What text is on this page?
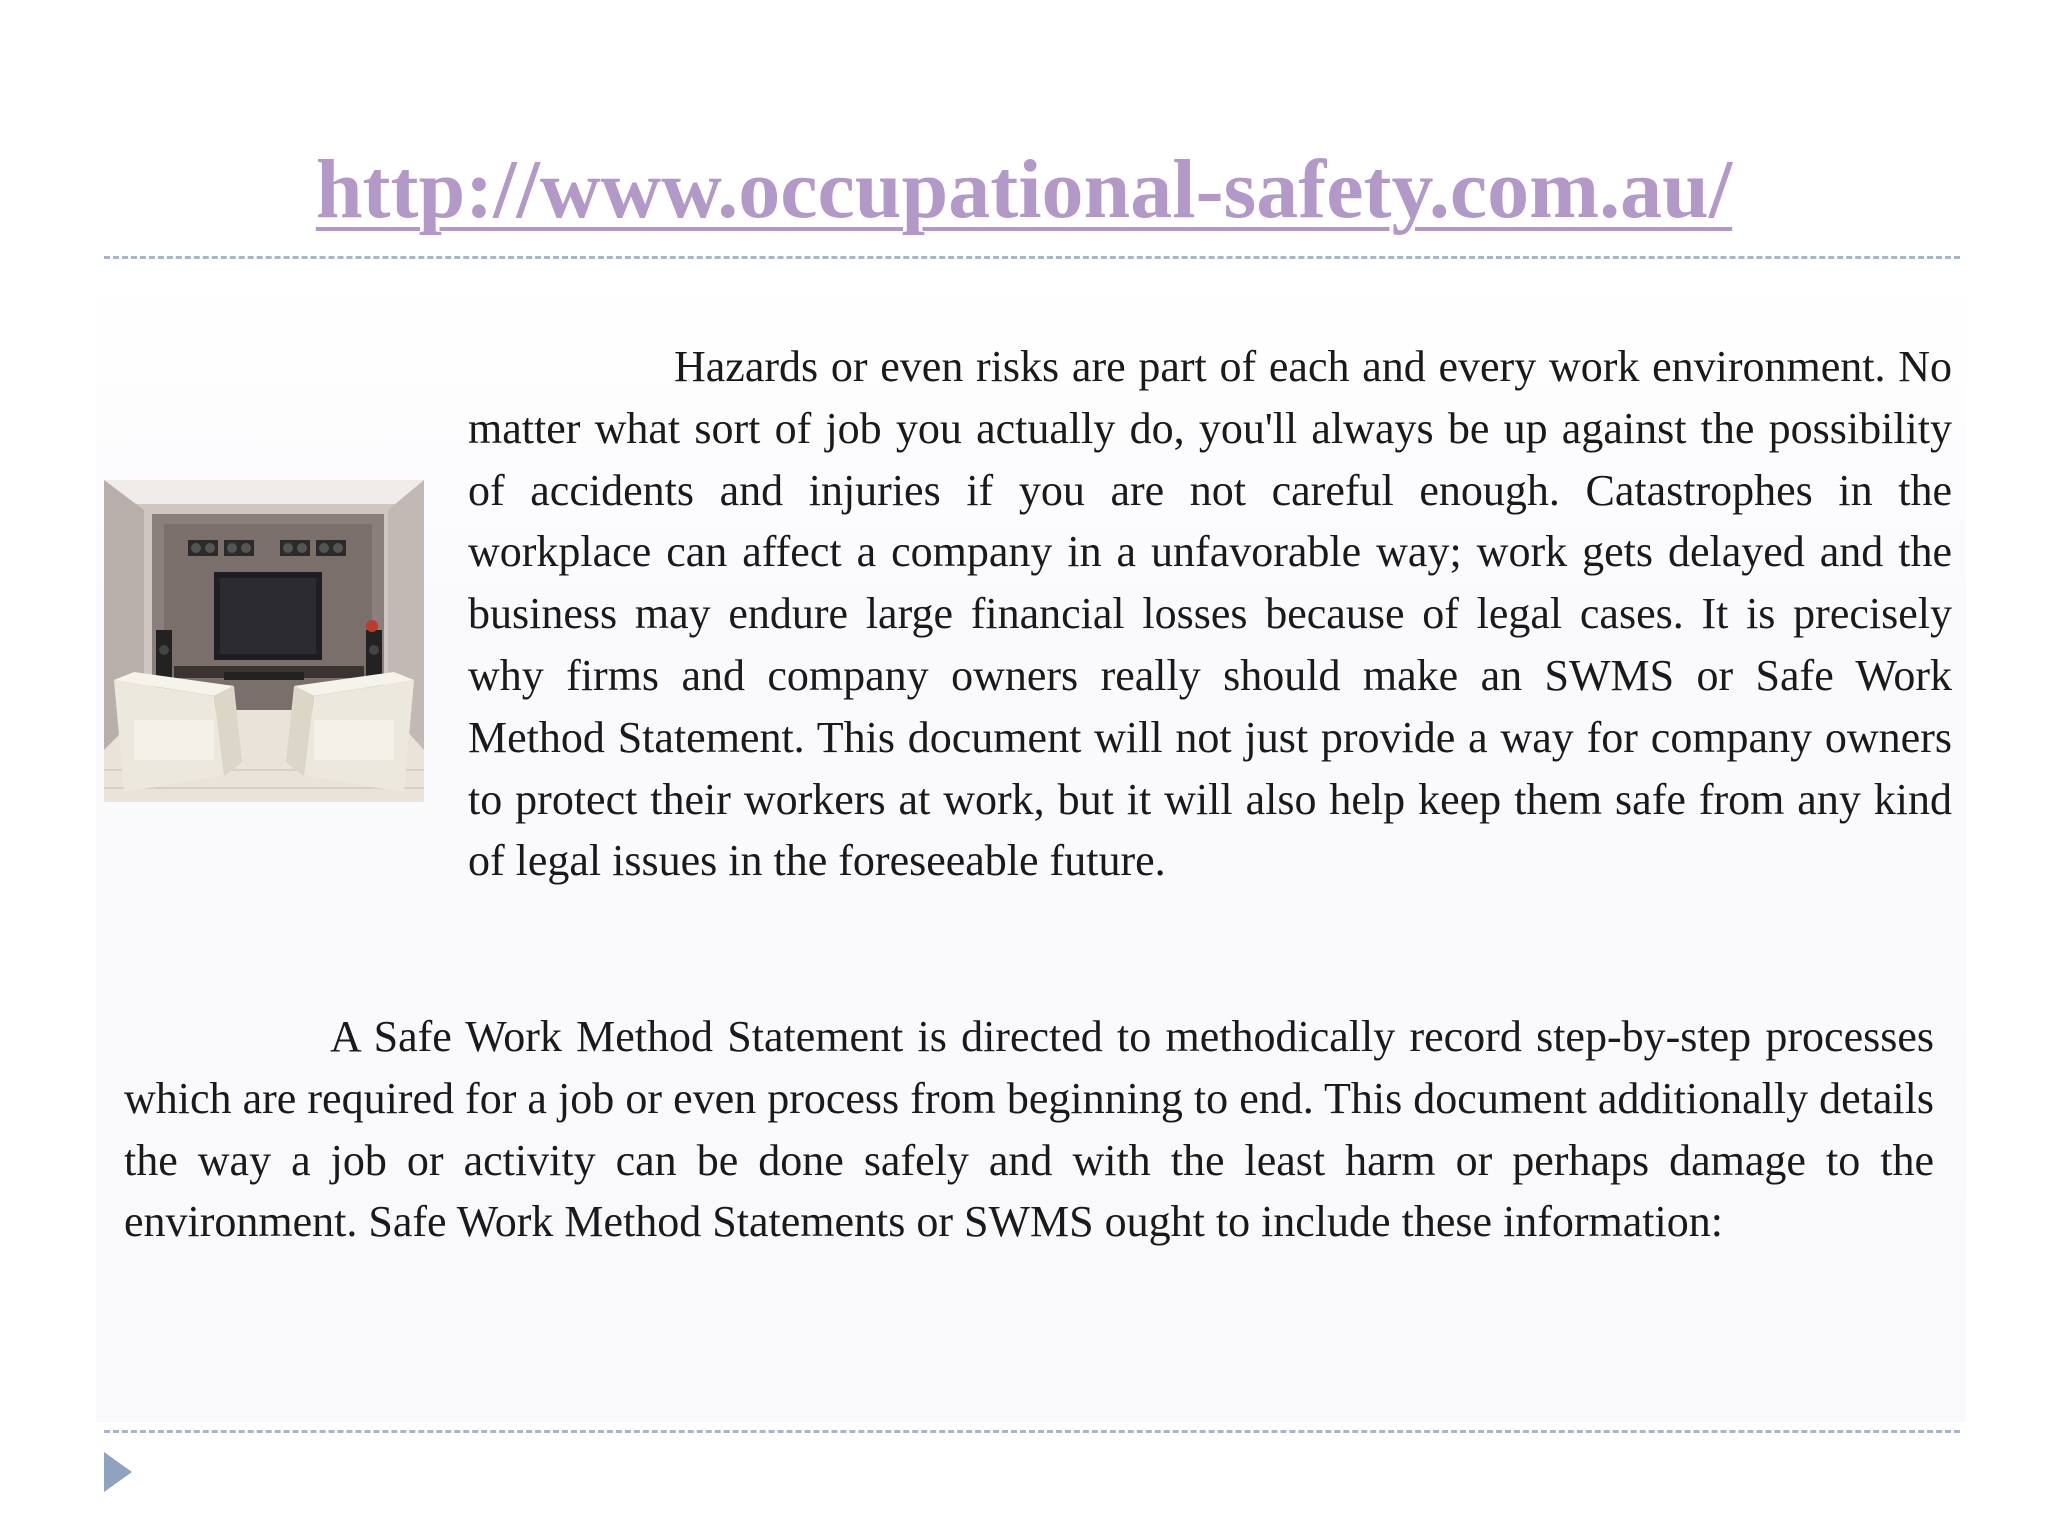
http://www.occupational-safety.com.au/

Hazards or even risks are part of each and every work environment. No matter what sort of job you actually do, you'll always be up against the possibility of accidents and injuries if you are not careful enough. Catastrophes in the workplace can affect a company in a unfavorable way; work gets delayed and the business may endure large financial losses because of legal cases. It is precisely why firms and company owners really should make an SWMS or Safe Work Method Statement. This document will not just provide a way for company owners to protect their workers at work, but it will also help keep them safe from any kind of legal issues in the foreseeable future.

A Safe Work Method Statement is directed to methodically record step-by-step processes which are required for a job or even process from beginning to end. This document additionally details the way a job or activity can be done safely and with the least harm or perhaps damage to the environment. Safe Work Method Statements or SWMS ought to include these information:
